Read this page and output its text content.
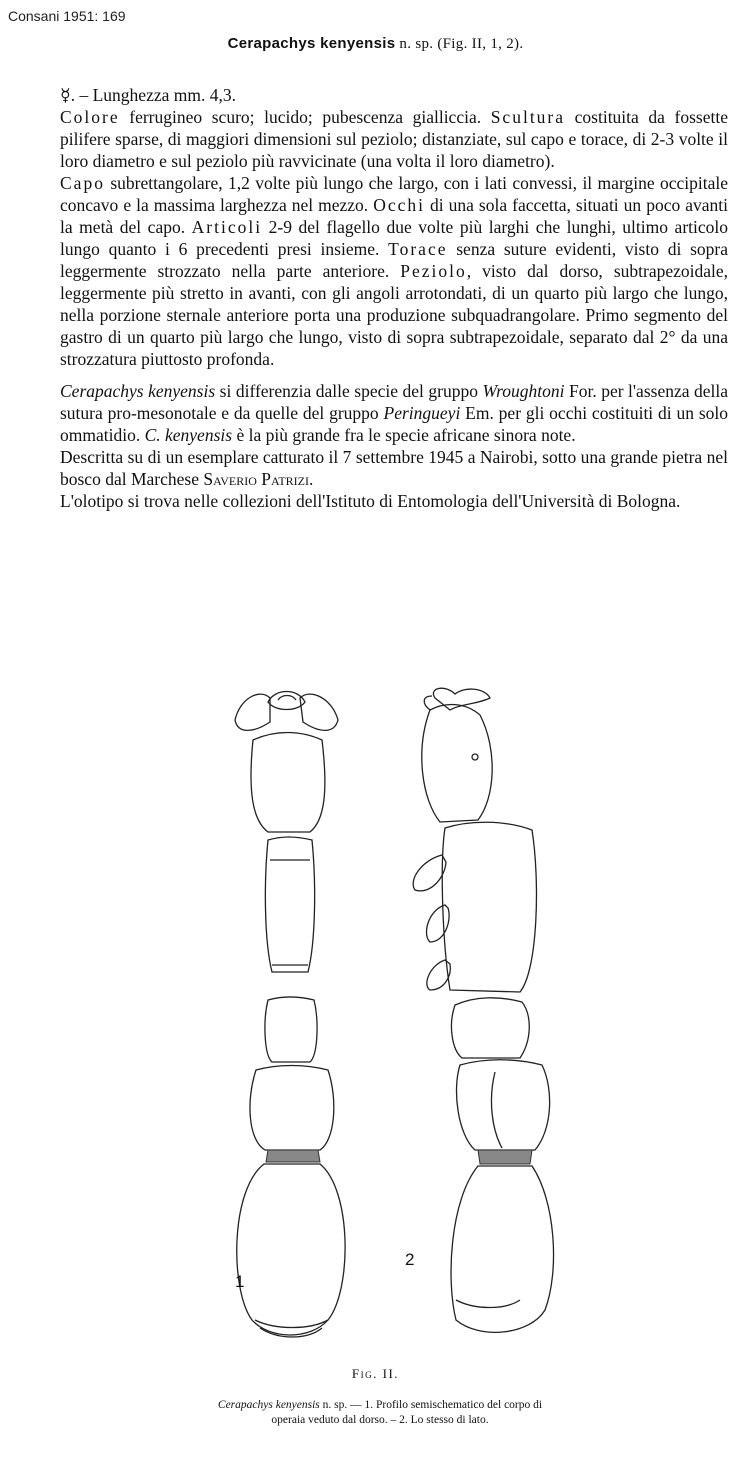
Consani 1951: 169
Cerapachys kenyensis n. sp. (Fig. II, 1, 2).

☿. – Lunghezza mm. 4,3.

Colore ferrugineo scuro; lucido; pubescenza gialliccia. Scultura costituita da fossette pilifere sparse, di maggiori dimensioni sul peziolo; distanziate, sul capo e torace, di 2-3 volte il loro diametro e sul peziolo più ravvicinate (una volta il loro diametro).

Capo subrettangolare, 1,2 volte più lungo che largo, con i lati convessi, il margine occipitale concavo e la massima larghezza nel mezzo. Occhi di una sola faccetta, situati un poco avanti la metà del capo. Articoli 2-9 del flagello due volte più larghi che lunghi, ultimo articolo lungo quanto i 6 precedenti presi insieme. Torace senza suture evidenti, visto di sopra leggermente strozzato nella parte anteriore. Peziolo, visto dal dorso, subtrapezoidale, leggermente più stretto in avanti, con gli angoli arrotondati, di un quarto più largo che lungo, nella porzione sternale anteriore porta una produzione subquadrangolare. Primo segmento del gastro di un quarto più largo che lungo, visto di sopra subtrapezoidale, separato dal 2° da una strozzatura piuttosto profonda.

Cerapachys kenyensis si differenzia dalle specie del gruppo Wroughtoni For. per l'assenza della sutura pro-mesonotale e da quelle del gruppo Peringueyi Em. per gli occhi costituiti di un solo ommatidio. C. kenyensis è la più grande fra le specie africane sinora note.

Descritta su di un esemplare catturato il 7 settembre 1945 a Nairobi, sotto una grande pietra nel bosco dal Marchese Saverio Patrizi.

L'olotipo si trova nelle collezioni dell'Istituto di Entomologia dell'Università di Bologna.

1
2
Fig. II.
Cerapachys kenyensis n. sp. — 1. Profilo semischematico del corpo di operaia veduto dal dorso. – 2. Lo stesso di lato.
